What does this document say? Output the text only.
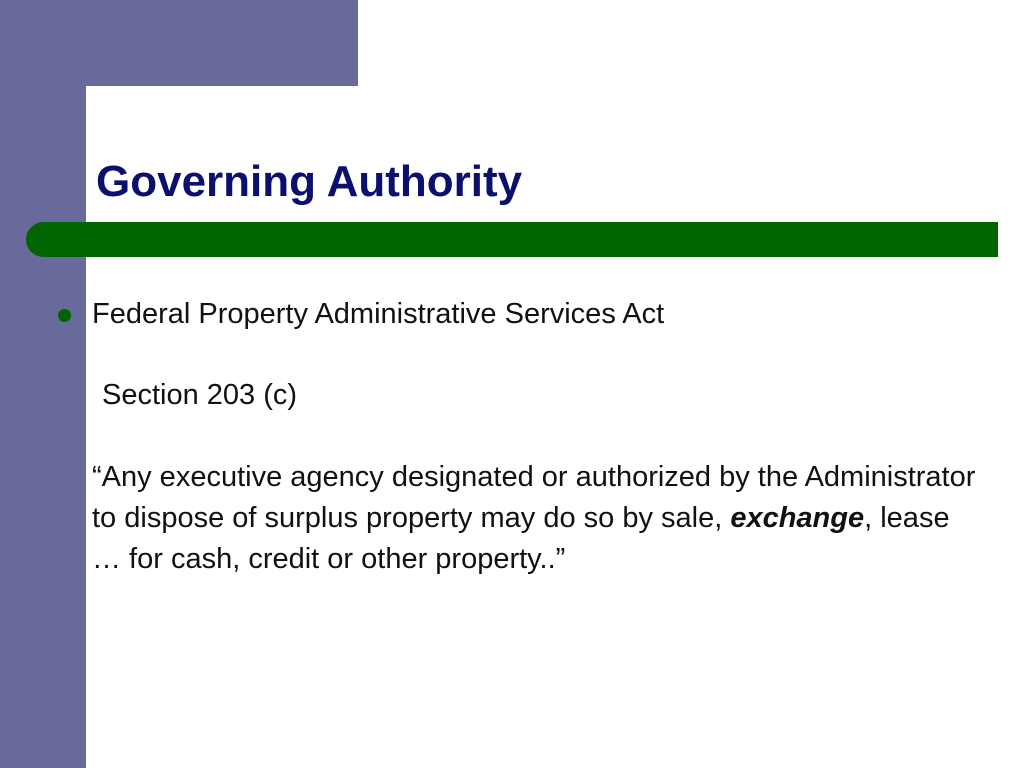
Governing Authority

Federal Property Administrative Services Act

Section 203 (c)

“Any executive agency designated or authorized by the Administrator to dispose of surplus property may do so by sale, exchange, lease … for cash, credit or other property..”
